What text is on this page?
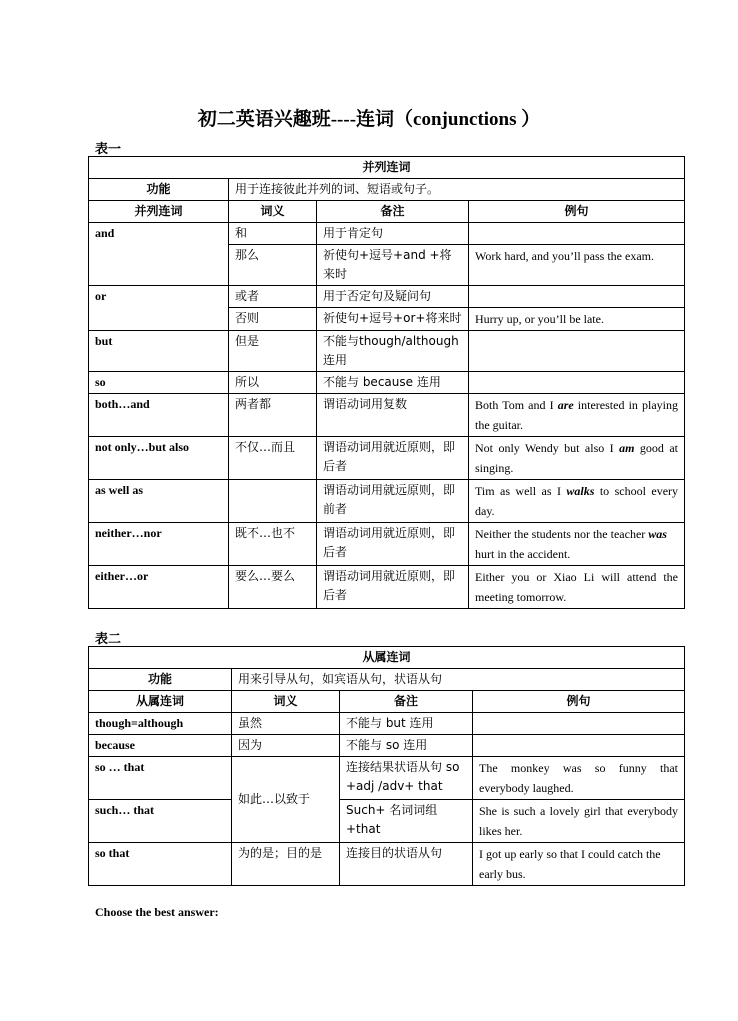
初二英语兴趣班----连词（conjunctions ）
表一
并列连词			
功能	用于连接彼此并列的词、短语或句子。		
并列连词	词义	备注	例句
and	和	用于肯定句	
	那么	祈使句+逗号+and +将来时	Work hard, and you’ll pass the exam.
or	或者	用于否定句及疑问句	
	否则	祈使句+逗号+or+将来时	Hurry up, or you’ll be late.
but	但是	不能与though/although 连用	
so	所以	不能与 because 连用	
both…and	两者都	谓语动词用复数	Both Tom and I are interested in playing the guitar.
not only…but also	不仅…而且	谓语动词用就近原则，即后者	Not only Wendy but also I am good at singing.
as well as		谓语动词用就远原则，即前者	Tim as well as I walks to school every day.
neither…nor	既不…也不	谓语动词用就近原则，即后者	Neither the students nor the teacher was hurt in the accident.
either…or	要么…要么	谓语动词用就近原则，即后者	Either you or Xiao Li will attend the meeting tomorrow.
表二
从属连词			
功能	用来引导从句，如宾语从句，状语从句		
从属连词	词义	备注	例句
though=although	虽然	不能与 but 连用	
because	因为	不能与 so 连用	
so … that	如此…以致于	连接结果状语从句 so +adj /adv+ that	The monkey was so funny that everybody laughed.
such… that		Such+ 名词词组 +that	She is such a lovely girl that everybody likes her.
so that	为的是；目的是	连接目的状语从句	I got up early so that I could catch the early bus.
Choose the best answer:
